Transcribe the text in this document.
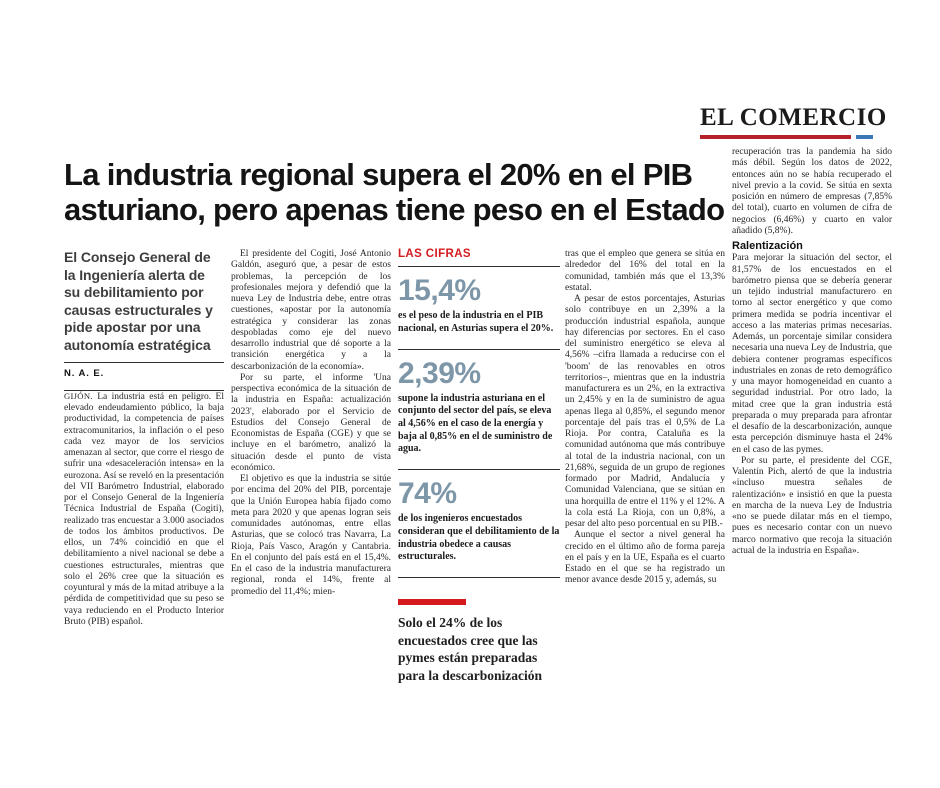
EL COMERCIO
La industria regional supera el 20% en el PIB
asturiano, pero apenas tiene peso en el Estado
El Consejo General de la Ingeniería alerta de su debilitamiento por causas estructurales y pide apostar por una autonomía estratégica
N. A. E.

GIJÓN. La industria está en peligro. El elevado endeudamiento público, la baja productividad, la competencia de países extracomunitarios, la inflación o el peso cada vez mayor de los servicios amenazan al sector, que corre el riesgo de sufrir una «desaceleración intensa» en la eurozona. Así se reveló en la presentación del VII Barómetro Industrial, elaborado por el Consejo General de la Ingeniería Técnica Industrial de España (Cogiti), realizado tras encuestar a 3.000 asociados de todos los ámbitos productivos. De ellos, un 74% coincidió en que el debilitamiento a nivel nacional se debe a cuestiones estructurales, mientras que solo el 26% cree que la situación es coyuntural y más de la mitad atribuye a la pérdida de competitividad que su peso se vaya reduciendo en el Producto Interior Bruto (PIB) español.

El presidente del Cogiti, José Antonio Galdón, aseguró que, a pesar de estos problemas, la percepción de los profesionales mejora y defendió que la nueva Ley de Industria debe, entre otras cuestiones, «apostar por la autonomía estratégica y considerar las zonas despobladas como eje del nuevo desarrollo industrial que dé soporte a la transición energética y a la descarbonización de la economía».

Por su parte, el informe 'Una perspectiva económica de la situación de la industria en España: actualización 2023', elaborado por el Servicio de Estudios del Consejo General de Economistas de España (CGE) y que se incluye en el barómetro, analizó la situación desde el punto de vista económico.

El objetivo es que la industria se sitúe por encima del 20% del PIB, porcentaje que la Unión Europea había fijado como meta para 2020 y que apenas logran seis comunidades autónomas, entre ellas Asturias, que se colocó tras Navarra, La Rioja, País Vasco, Aragón y Cantabria. En el conjunto del país está en el 15,4%. En el caso de la industria manufacturera regional, ronda el 14%, frente al promedio del 11,4%; mien-

LAS CIFRAS
15,4%
es el peso de la industria en el PIB nacional, en Asturias supera el 20%.
2,39%
supone la industria asturiana en el conjunto del sector del país, se eleva al 4,56% en el caso de la energía y baja al 0,85% en el de suministro de agua.
74%
de los ingenieros encuestados consideran que el debilitamiento de la industria obedece a causas estructurales.
Solo el 24% de los encuestados cree que las pymes están preparadas para la descarbonización

tras que el empleo que genera se sitúa en alrededor del 16% del total en la comunidad, también más que el 13,3% estatal.

A pesar de estos porcentajes, Asturias solo contribuye en un 2,39% a la producción industrial española, aunque hay diferencias por sectores. En el caso del suministro energético se eleva al 4,56% –cifra llamada a reducirse con el 'boom' de las renovables en otros territorios–, mientras que en la industria manufacturera es un 2%, en la extractiva un 2,45% y en la de suministro de agua apenas llega al 0,85%, el segundo menor porcentaje del país tras el 0,5% de La Rioja. Por contra, Cataluña es la comunidad autónoma que más contribuye al total de la industria nacional, con un 21,68%, seguida de un grupo de regiones formado por Madrid, Andalucía y Comunidad Valenciana, que se sitúan en una horquilla de entre el 11% y el 12%. A la cola está La Rioja, con un 0,8%, a pesar del alto peso porcentual en su PIB.-

Aunque el sector a nivel general ha crecido en el último año de forma pareja en el país y en la UE, España es el cuarto Estado en el que se ha registrado un menor avance desde 2015 y, además, su

recuperación tras la pandemia ha sido más débil. Según los datos de 2022, entonces aún no se había recuperado el nivel previo a la covid. Se sitúa en sexta posición en número de empresas (7,85% del total), cuarto en volumen de cifra de negocios (6,46%) y cuarto en valor añadido (5,8%).

Ralentización

Para mejorar la situación del sector, el 81,57% de los encuestados en el barómetro piensa que se debería generar un tejido industrial manufacturero en torno al sector energético y que como primera medida se podría incentivar el acceso a las materias primas necesarias. Además, un porcentaje similar considera necesaria una nueva Ley de Industria, que debiera contener programas específicos industriales en zonas de reto demográfico y una mayor homogeneidad en cuanto a seguridad industrial. Por otro lado, la mitad cree que la gran industria está preparada o muy preparada para afrontar el desafío de la descarbonización, aunque esta percepción disminuye hasta el 24% en el caso de las pymes.

Por su parte, el presidente del CGE, Valentín Pich, alertó de que la industria «incluso muestra señales de ralentización» e insistió en que la puesta en marcha de la nueva Ley de Industria «no se puede dilatar más en el tiempo, pues es necesario contar con un nuevo marco normativo que recoja la situación actual de la industria en España».
